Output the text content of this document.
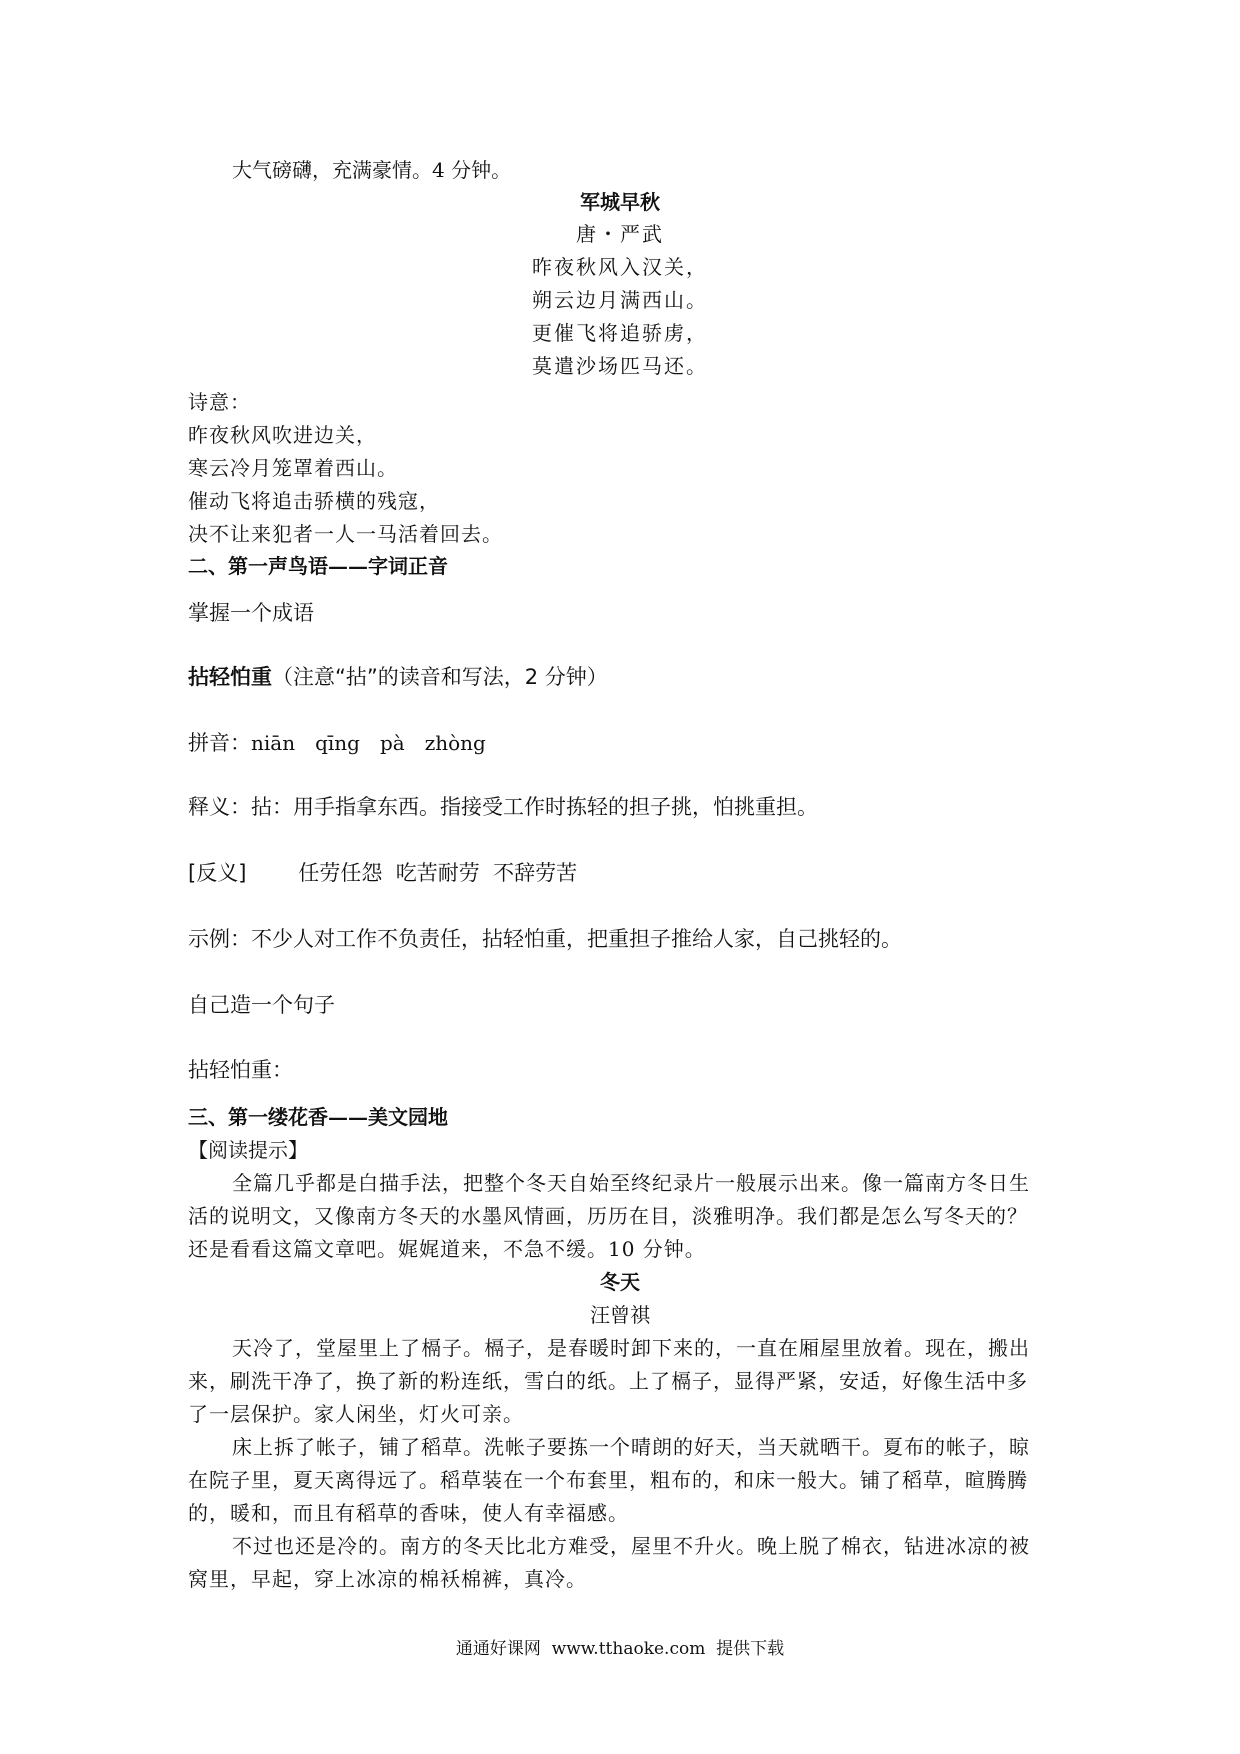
大气磅礴，充满豪情。4 分钟。
军城早秋
唐・严武
昨夜秋风入汉关，
朔云边月满西山。
更催飞将追骄虏，
莫遣沙场匹马还。
诗意：
昨夜秋风吹进边关，
寒云冷月笼罩着西山。
催动飞将追击骄横的残寇，
决不让来犯者一人一马活着回去。
二、第一声鸟语——字词正音
掌握一个成语
拈轻怕重（注意“拈”的读音和写法，2 分钟）
拼音：niān qīng pà zhòng
释义：拈：用手指拿东西。指接受工作时拣轻的担子挑，怕挑重担。
[反义] 任劳任怨  吃苦耐劳  不辞劳苦
示例：不少人对工作不负责任，拈轻怕重，把重担子推给人家，自己挑轻的。
自己造一个句子
拈轻怕重：
三、第一缕花香——美文园地
【阅读提示】
全篇几乎都是白描手法，把整个冬天自始至终纪录片一般展示出来。像一篇南方冬日生
活的说明文，又像南方冬天的水墨风情画，历历在目，淡雅明净。我们都是怎么写冬天的？
还是看看这篇文章吧。娓娓道来，不急不缓。10 分钟。
冬天
汪曾祺
天冷了，堂屋里上了槅子。槅子，是春暖时卸下来的，一直在厢屋里放着。现在，搬出
来，刷洗干净了，换了新的粉连纸，雪白的纸。上了槅子，显得严紧，安适，好像生活中多
了一层保护。家人闲坐，灯火可亲。
床上拆了帐子，铺了稻草。洗帐子要拣一个晴朗的好天，当天就晒干。夏布的帐子，晾
在院子里，夏天离得远了。稻草装在一个布套里，粗布的，和床一般大。铺了稻草，暄腾腾
的，暖和，而且有稻草的香味，使人有幸福感。
不过也还是冷的。南方的冬天比北方难受，屋里不升火。晚上脱了棉衣，钻进冰凉的被
窝里，早起，穿上冰凉的棉袄棉裤，真冷。
通通好课网  www.tthaoke.com  提供下载
